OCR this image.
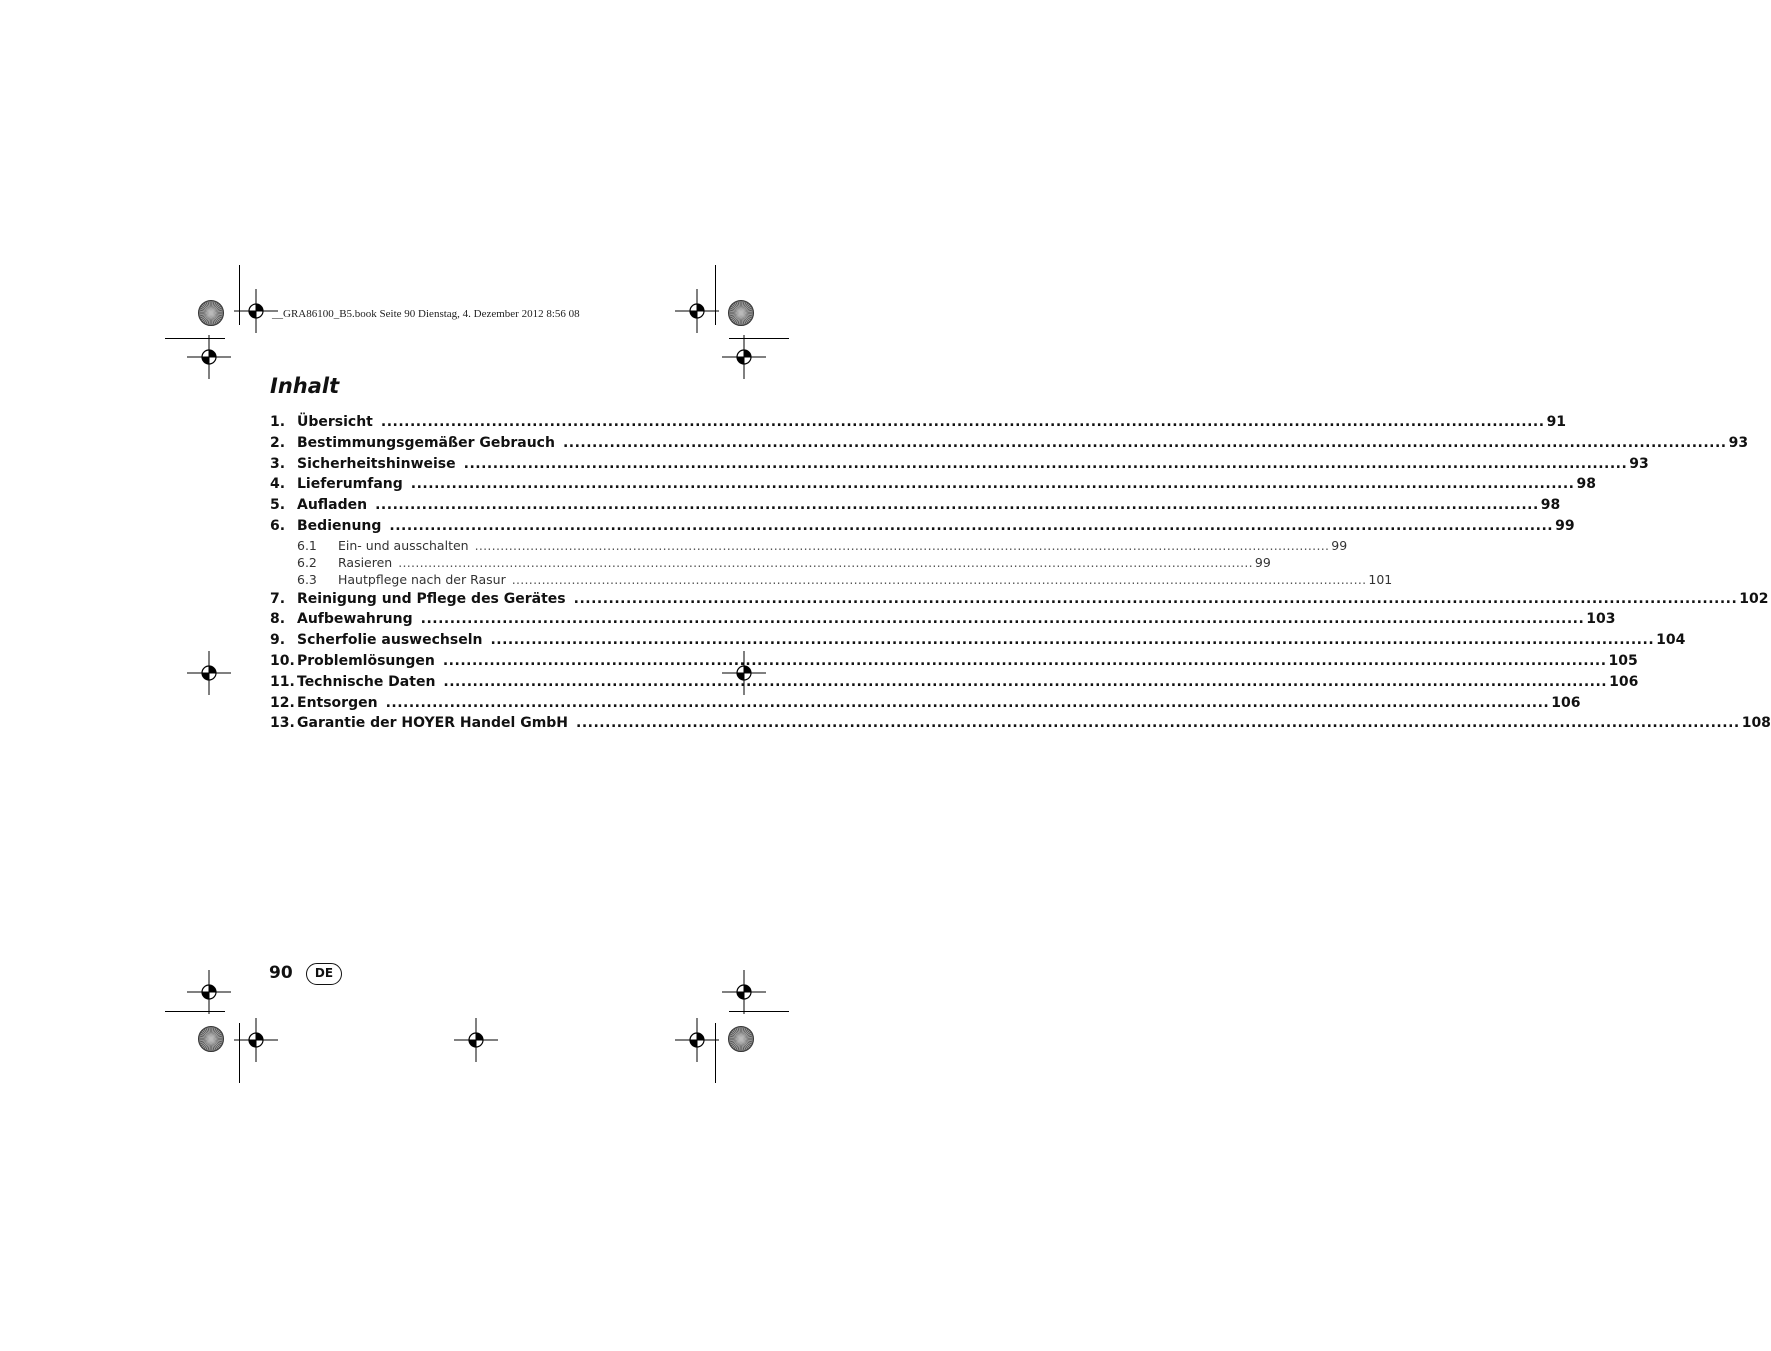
__GRA86100_B5.book Seite 90 Dienstag, 4. Dezember 2012 8:56 08
Inhalt
1. Übersicht ........................................................................................................................................................................................................ 91
2. Bestimmungsgemäßer Gebrauch ........................................................................................................................................................................................................ 93
3. Sicherheitshinweise ........................................................................................................................................................................................................ 93
4. Lieferumfang ........................................................................................................................................................................................................ 98
5. Aufladen ........................................................................................................................................................................................................ 98
6. Bedienung ........................................................................................................................................................................................................ 99
6.1	Ein- und ausschalten ........................................................................................................................................................................................................ 99
6.2	Rasieren ........................................................................................................................................................................................................ 99
6.3	Hautpflege nach der Rasur ........................................................................................................................................................................................................ 101
7. Reinigung und Pflege des Gerätes ........................................................................................................................................................................................................ 102
8. Aufbewahrung ........................................................................................................................................................................................................ 103
9. Scherfolie auswechseln ........................................................................................................................................................................................................ 104
10. Problemlösungen ........................................................................................................................................................................................................ 105
11. Technische Daten ........................................................................................................................................................................................................ 106
12. Entsorgen ........................................................................................................................................................................................................ 106
13. Garantie der HOYER Handel GmbH ........................................................................................................................................................................................................ 108
90	DE
